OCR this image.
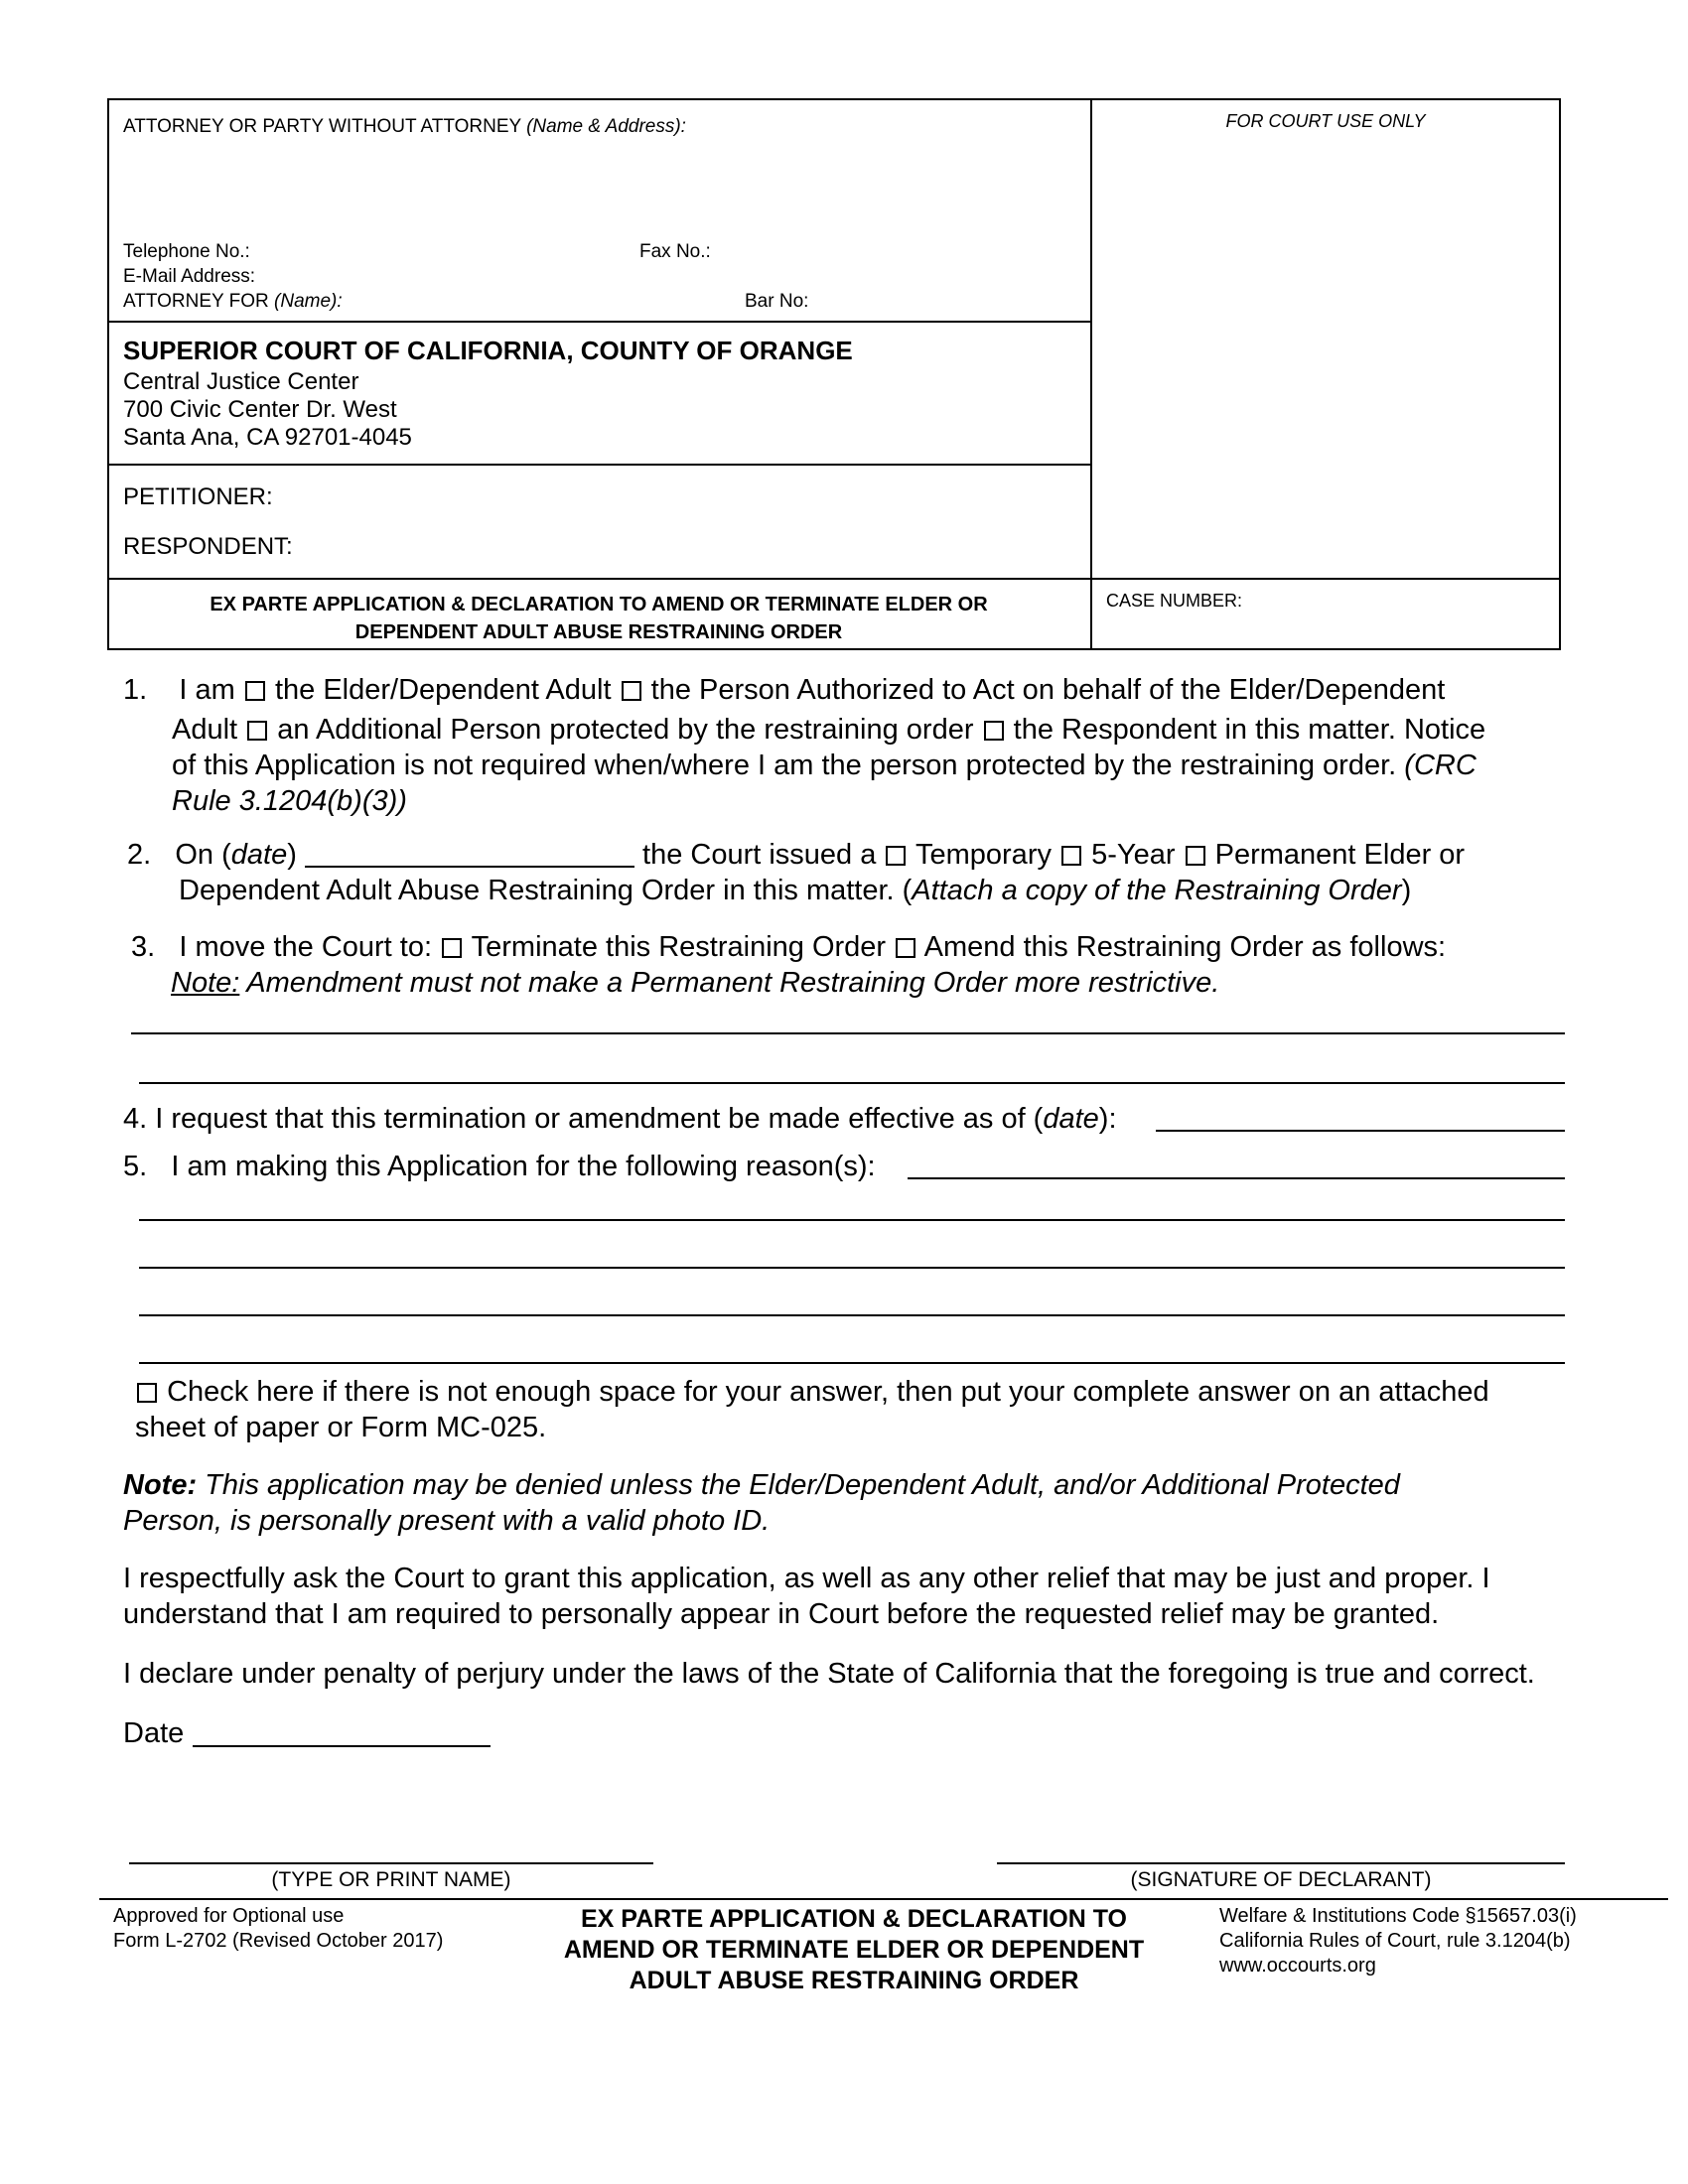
ATTORNEY OR PARTY WITHOUT ATTORNEY (Name & Address):
Telephone No.:	Fax No.:
E-Mail Address:
ATTORNEY FOR (Name):	Bar No:
FOR COURT USE ONLY
SUPERIOR COURT OF CALIFORNIA, COUNTY OF ORANGE
Central Justice Center
700 Civic Center Dr. West
Santa Ana, CA 92701-4045
PETITIONER:
RESPONDENT:
EX PARTE APPLICATION & DECLARATION TO AMEND OR TERMINATE ELDER OR
DEPENDENT ADULT ABUSE RESTRAINING ORDER
CASE NUMBER:

1. I am the Elder/Dependent Adult the Person Authorized to Act on behalf of the Elder/Dependent

Adult an Additional Person protected by the restraining order the Respondent in this matter. Notice

of this Application is not required when/where I am the person protected by the restraining order. (CRC

Rule 3.1204(b)(3))

2. On (date)	the Court issued a Temporary 5-Year Permanent Elder or

Dependent Adult Abuse Restraining Order in this matter. (Attach a copy of the Restraining Order)

3. I move the Court to: Terminate this Restraining Order Amend this Restraining Order as follows:

Note: Amendment must not make a Permanent Restraining Order more restrictive.

4. I request that this termination or amendment be made effective as of (date):
5. I am making this Application for the following reason(s):

Check here if there is not enough space for your answer, then put your complete answer on an attached

sheet of paper or Form MC-025.

Note: This application may be denied unless the Elder/Dependent Adult, and/or Additional Protected

Person, is personally present with a valid photo ID.

I respectfully ask the Court to grant this application, as well as any other relief that may be just and proper. I

understand that I am required to personally appear in Court before the requested relief may be granted.

I declare under penalty of perjury under the laws of the State of California that the foregoing is true and correct.
Date
(TYPE OR PRINT NAME)	(SIGNATURE OF DECLARANT)
Approved for Optional use
Form L-2702 (Revised October 2017)
EX PARTE APPLICATION & DECLARATION TO
AMEND OR TERMINATE ELDER OR DEPENDENT
ADULT ABUSE RESTRAINING ORDER
Welfare & Institutions Code §15657.03(i)
California Rules of Court, rule 3.1204(b)
www.occourts.org
